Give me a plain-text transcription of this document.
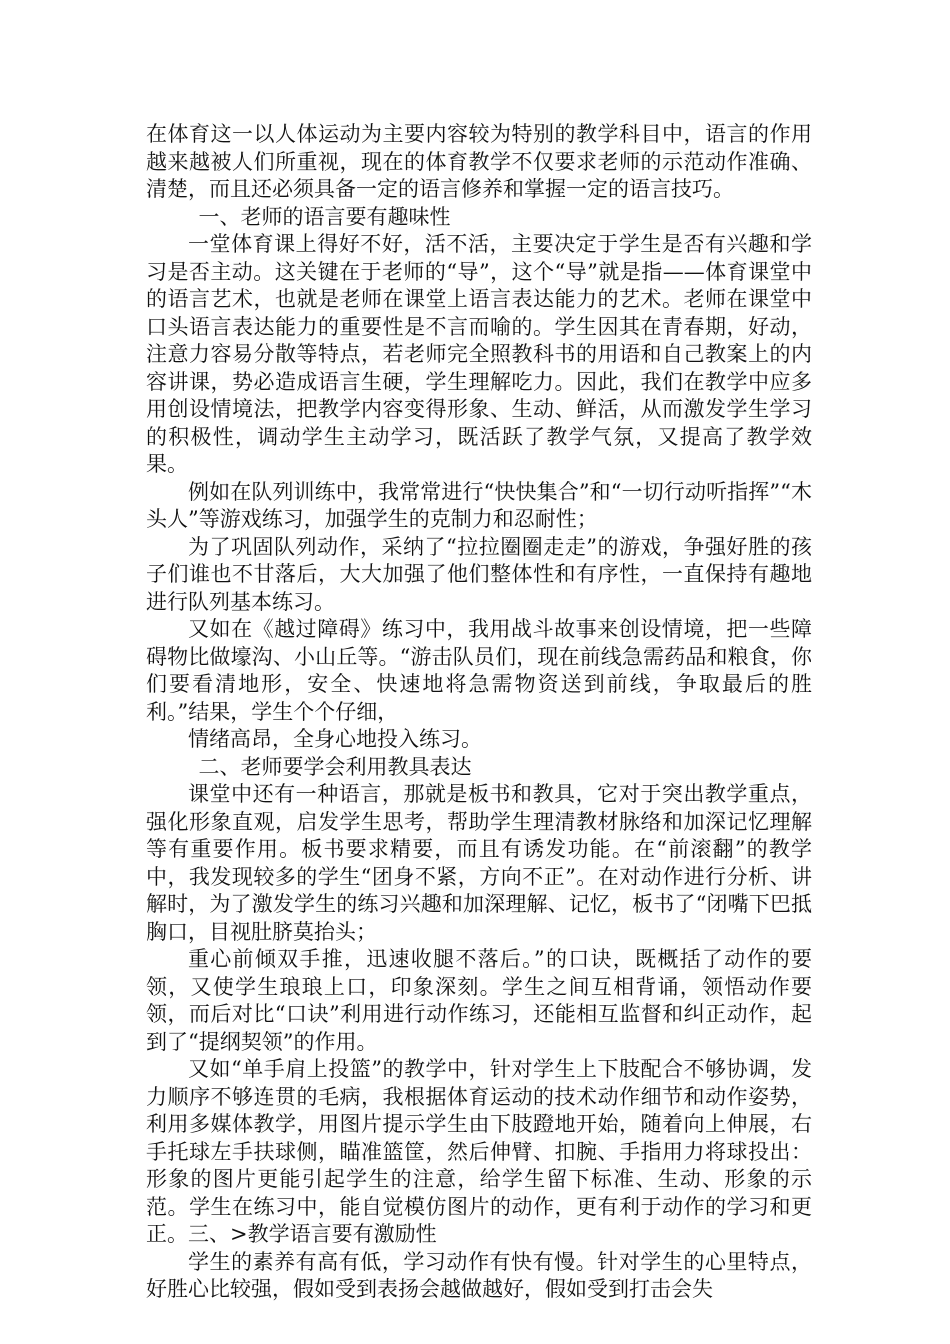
在体育这一以人体运动为主要内容较为特别的教学科目中，语言的作用越来越被人们所重视，现在的体育教学不仅要求老师的示范动作准确、清楚，而且还必须具备一定的语言修养和掌握一定的语言技巧。

一、老师的语言要有趣味性

一堂体育课上得好不好，活不活，主要决定于学生是否有兴趣和学习是否主动。这关键在于老师的“导”，这个“导”就是指——体育课堂中的语言艺术，也就是老师在课堂上语言表达能力的艺术。老师在课堂中口头语言表达能力的重要性是不言而喻的。学生因其在青春期，好动，注意力容易分散等特点，若老师完全照教科书的用语和自己教案上的内容讲课，势必造成语言生硬，学生理解吃力。因此，我们在教学中应多用创设情境法，把教学内容变得形象、生动、鲜活，从而激发学生学习的积极性，调动学生主动学习，既活跃了教学气氛，又提高了教学效果。

例如在队列训练中，我常常进行“快快集合”和“一切行动听指挥”“木头人”等游戏练习，加强学生的克制力和忍耐性；

为了巩固队列动作，采纳了“拉拉圈圈走走”的游戏，争强好胜的孩子们谁也不甘落后，大大加强了他们整体性和有序性，一直保持有趣地进行队列基本练习。

又如在《越过障碍》练习中，我用战斗故事来创设情境，把一些障碍物比做壕沟、小山丘等。“游击队员们，现在前线急需药品和粮食，你们要看清地形，安全、快速地将急需物资送到前线，争取最后的胜利。”结果，学生个个仔细，

情绪高昂，全身心地投入练习。

二、老师要学会利用教具表达

课堂中还有一种语言，那就是板书和教具，它对于突出教学重点，强化形象直观，启发学生思考，帮助学生理清教材脉络和加深记忆理解等有重要作用。板书要求精要，而且有诱发功能。在“前滚翻”的教学中，我发现较多的学生“团身不紧，方向不正”。在对动作进行分析、讲解时，为了激发学生的练习兴趣和加深理解、记忆，板书了“闭嘴下巴抵胸口，目视肚脐莫抬头；

重心前倾双手推，迅速收腿不落后。”的口诀，既概括了动作的要领，又使学生琅琅上口，印象深刻。学生之间互相背诵，领悟动作要领，而后对比“口诀”利用进行动作练习，还能相互监督和纠正动作，起到了“提纲契领”的作用。

又如“单手肩上投篮”的教学中，针对学生上下肢配合不够协调，发力顺序不够连贯的毛病，我根据体育运动的技术动作细节和动作姿势，利用多媒体教学，用图片提示学生由下肢蹬地开始，随着向上伸展，右手托球左手扶球侧，瞄准篮筐，然后伸臂、扣腕、手指用力将球投出：形象的图片更能引起学生的注意，给学生留下标准、生动、形象的示范。学生在练习中，能自觉模仿图片的动作，更有利于动作的学习和更正。三、>教学语言要有激励性

学生的素养有高有低，学习动作有快有慢。针对学生的心里特点，好胜心比较强，假如受到表扬会越做越好，假如受到打击会失
